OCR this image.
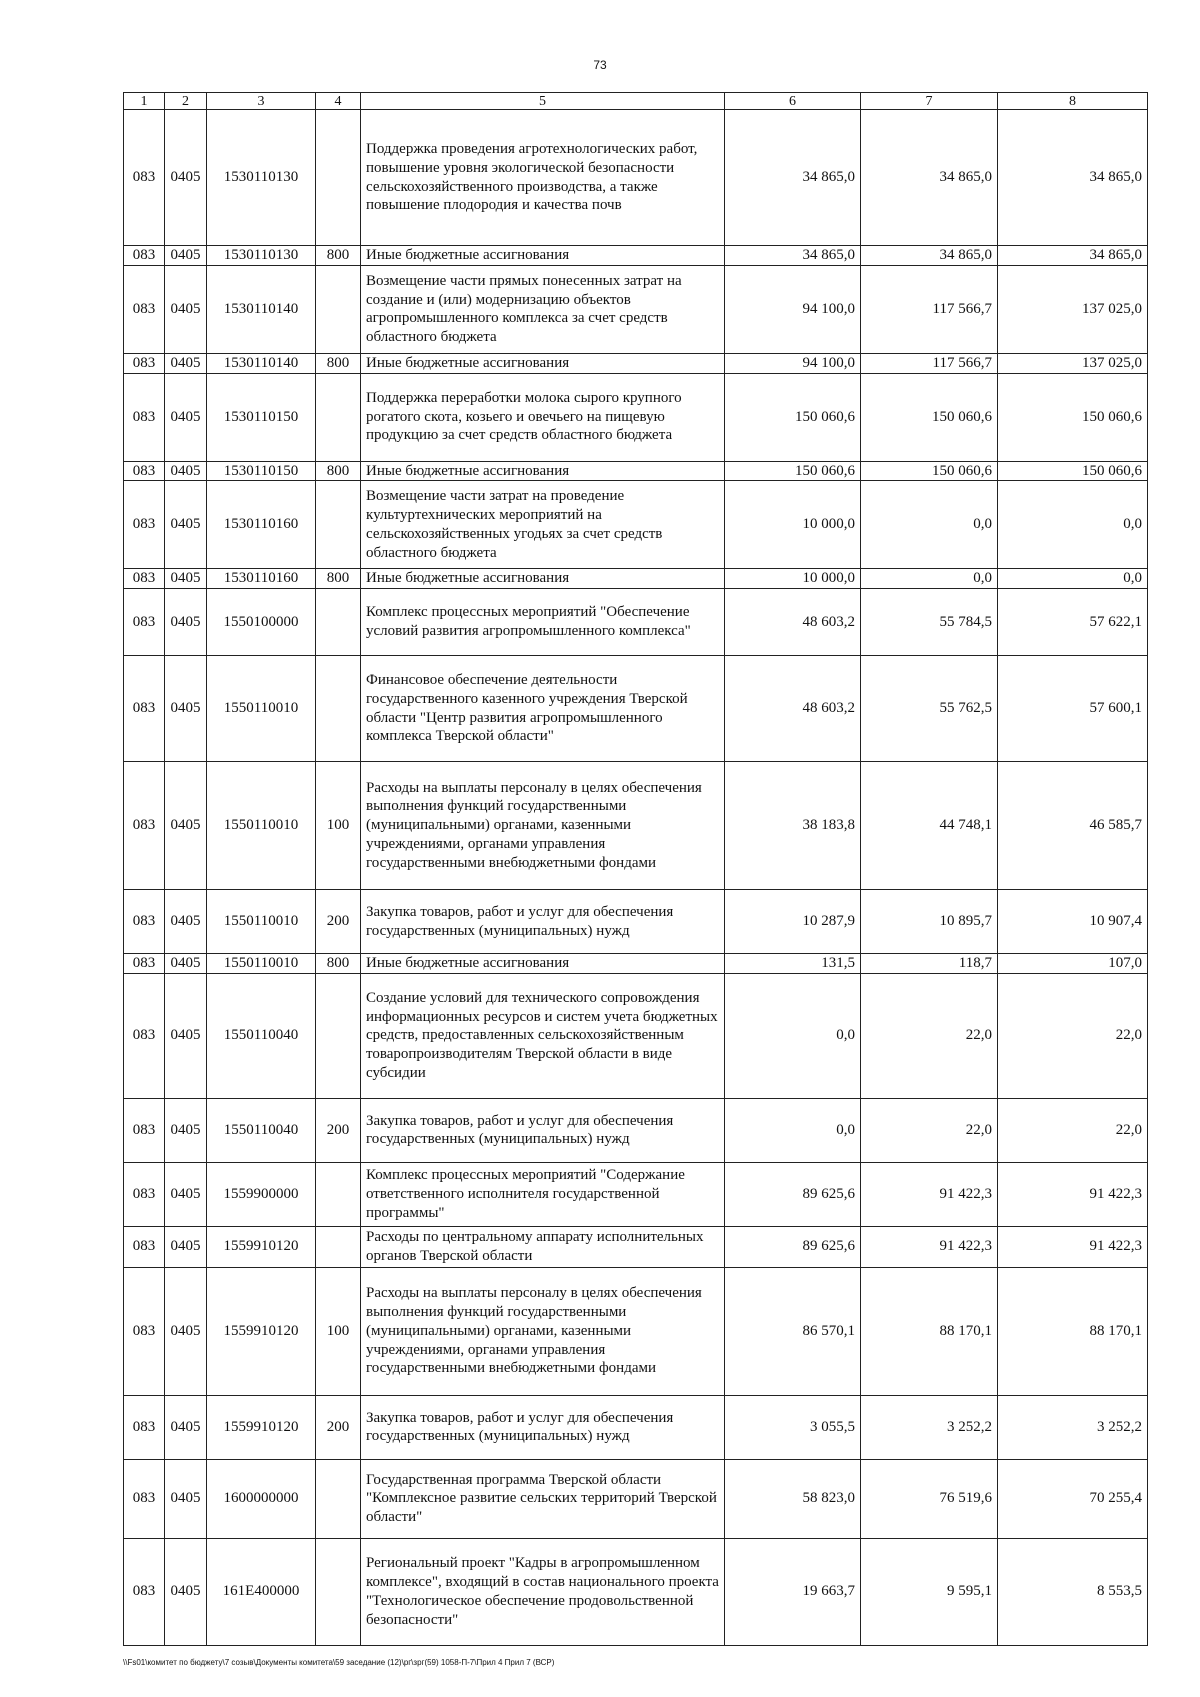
73
1	2	3	4	5	6	7	8
083	0405	1530110130		Поддержка проведения агротехнологических работ, повышение уровня экологической безопасности сельскохозяйственного производства, а также повышение плодородия и качества почв	34 865,0	34 865,0	34 865,0
083	0405	1530110130	800	Иные бюджетные ассигнования	34 865,0	34 865,0	34 865,0
083	0405	1530110140		Возмещение части прямых понесенных затрат на создание и (или) модернизацию объектов агропромышленного комплекса за счет средств областного бюджета	94 100,0	117 566,7	137 025,0
083	0405	1530110140	800	Иные бюджетные ассигнования	94 100,0	117 566,7	137 025,0
083	0405	1530110150		Поддержка переработки молока сырого крупного рогатого скота, козьего и овечьего на пищевую продукцию за счет средств областного бюджета	150 060,6	150 060,6	150 060,6
083	0405	1530110150	800	Иные бюджетные ассигнования	150 060,6	150 060,6	150 060,6
083	0405	1530110160		Возмещение части затрат на проведение культуртехнических мероприятий на сельскохозяйственных угодьях за счет средств областного бюджета	10 000,0	0,0	0,0
083	0405	1530110160	800	Иные бюджетные ассигнования	10 000,0	0,0	0,0
083	0405	1550100000		Комплекс процессных мероприятий "Обеспечение условий развития агропромышленного комплекса"	48 603,2	55 784,5	57 622,1
083	0405	1550110010		Финансовое обеспечение деятельности государственного казенного учреждения Тверской области "Центр развития агропромышленного комплекса Тверской области"	48 603,2	55 762,5	57 600,1
083	0405	1550110010	100	Расходы на выплаты персоналу в целях обеспечения выполнения функций государственными (муниципальными) органами, казенными учреждениями, органами управления государственными внебюджетными фондами	38 183,8	44 748,1	46 585,7
083	0405	1550110010	200	Закупка товаров, работ и услуг для обеспечения государственных (муниципальных) нужд	10 287,9	10 895,7	10 907,4
083	0405	1550110010	800	Иные бюджетные ассигнования	131,5	118,7	107,0
083	0405	1550110040		Создание условий для технического сопровождения информационных ресурсов и систем учета бюджетных средств, предоставленных сельскохозяйственным товаропроизводителям Тверской области в виде субсидии	0,0	22,0	22,0
083	0405	1550110040	200	Закупка товаров, работ и услуг для обеспечения государственных (муниципальных) нужд	0,0	22,0	22,0
083	0405	1559900000		Комплекс процессных мероприятий "Содержание ответственного исполнителя государственной программы"	89 625,6	91 422,3	91 422,3
083	0405	1559910120		Расходы по центральному аппарату исполнительных органов Тверской области	89 625,6	91 422,3	91 422,3
083	0405	1559910120	100	Расходы на выплаты персоналу в целях обеспечения выполнения функций государственными (муниципальными) органами, казенными учреждениями, органами управления государственными внебюджетными фондами	86 570,1	88 170,1	88 170,1
083	0405	1559910120	200	Закупка товаров, работ и услуг для обеспечения государственных (муниципальных) нужд	3 055,5	3 252,2	3 252,2
083	0405	1600000000		Государственная программа Тверской области "Комплексное развитие сельских территорий Тверской области"	58 823,0	76 519,6	70 255,4
083	0405	161E400000		Региональный проект "Кадры в агропромышленном комплексе", входящий в состав национального проекта "Технологическое обеспечение продовольственной безопасности"	19 663,7	9 595,1	8 553,5
\\Fs01\комитет по бюджету\7 созыв\Документы комитета\59 заседание (12)\рг\зрг(59) 1058-П-7\Прил 4 Прил 7 (ВСР)
